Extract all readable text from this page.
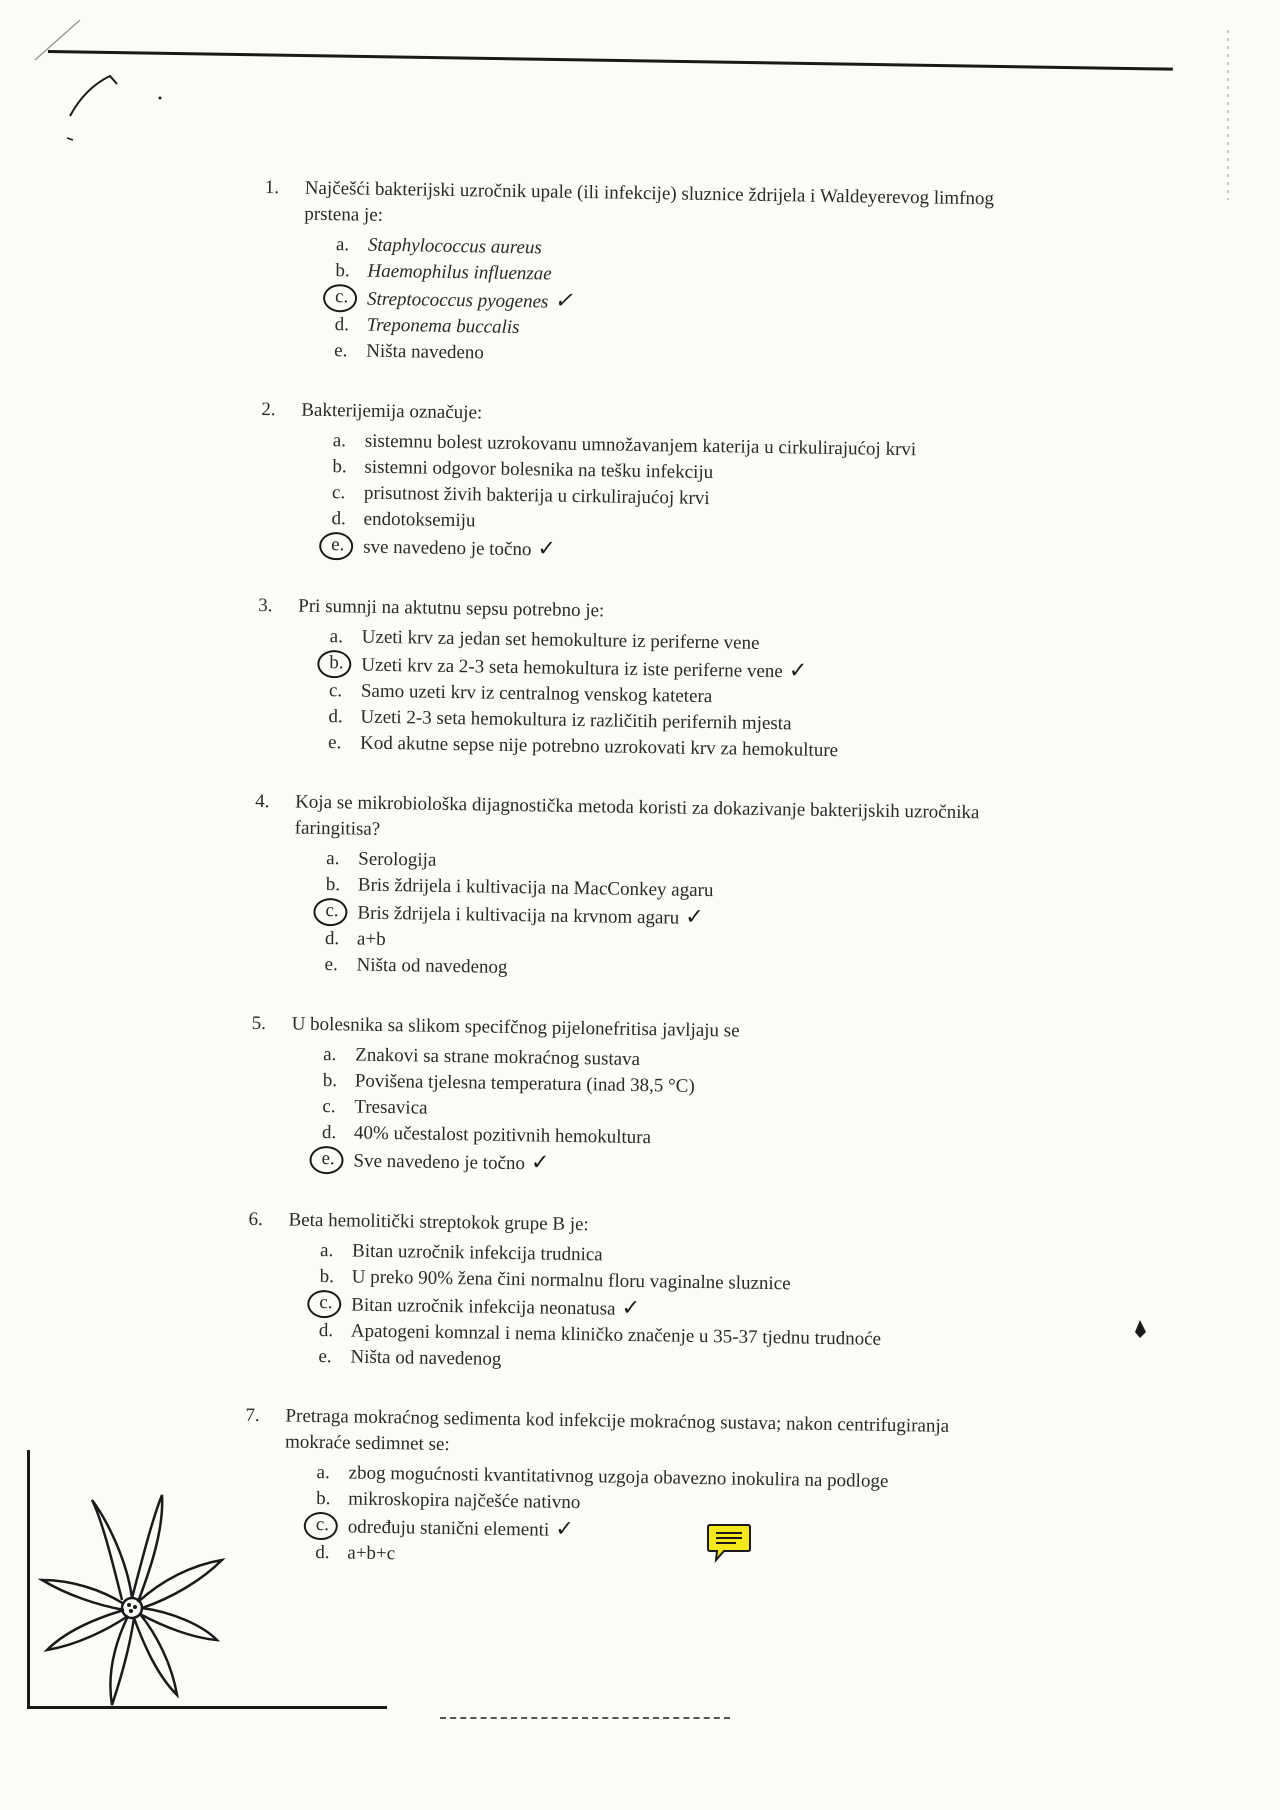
1.	Najčešći bakterijski uzročnik upale (ili infekcije) sluznice ždrijela i Waldeyerevog limfnog prstena je:
a. Staphylococcus aureus
b. Haemophilus influenzae
c. Streptococcus pyogenes ✓
d. Treponema buccalis
e. Ništa navedeno
2.	Bakterijemija označuje:
a. sistemnu bolest uzrokovanu umnožavanjem katerija u cirkulirajućoj krvi
b. sistemni odgovor bolesnika na tešku infekciju
c. prisutnost živih bakterija u cirkulirajućoj krvi
d. endotoksemiju
e. sve navedeno je točno ✓
3.	Pri sumnji na aktutnu sepsu potrebno je:
a. Uzeti krv za jedan set hemokulture iz periferne vene
b. Uzeti krv za 2-3 seta hemokultura iz iste periferne vene ✓
c. Samo uzeti krv iz centralnog venskog katetera
d. Uzeti 2-3 seta hemokultura iz različitih perifernih mjesta
e. Kod akutne sepse nije potrebno uzrokovati krv za hemokulture
4.	Koja se mikrobiološka dijagnostička metoda koristi za dokazivanje bakterijskih uzročnika faringitisa?
a. Serologija
b. Bris ždrijela i kultivacija na MacConkey agaru
c. Bris ždrijela i kultivacija na krvnom agaru ✓
d. a+b
e. Ništa od navedenog
5.	U bolesnika sa slikom specifčnog pijelonefritisa javljaju se
a. Znakovi sa strane mokraćnog sustava
b. Povišena tjelesna temperatura (inad 38,5 °C)
c. Tresavica
d. 40% učestalost pozitivnih hemokultura
e. Sve navedeno je točno ✓
6.	Beta hemolitički streptokok grupe B je:
a. Bitan uzročnik infekcija trudnica
b. U preko 90% žena čini normalnu floru vaginalne sluznice
c. Bitan uzročnik infekcija neonatusa ✓
d. Apatogeni komnzal i nema kliničko značenje u 35-37 tjednu trudnoće
e. Ništa od navedenog
7.	Pretraga mokraćnog sedimenta kod infekcije mokraćnog sustava; nakon centrifugiranja mokraće sedimnet se:
a. zbog mogućnosti kvantitativnog uzgoja obavezno inokulira na podloge
b. mikroskopira najčešće nativno
c. određuju stanični elementi ✓
d. a+b+c
